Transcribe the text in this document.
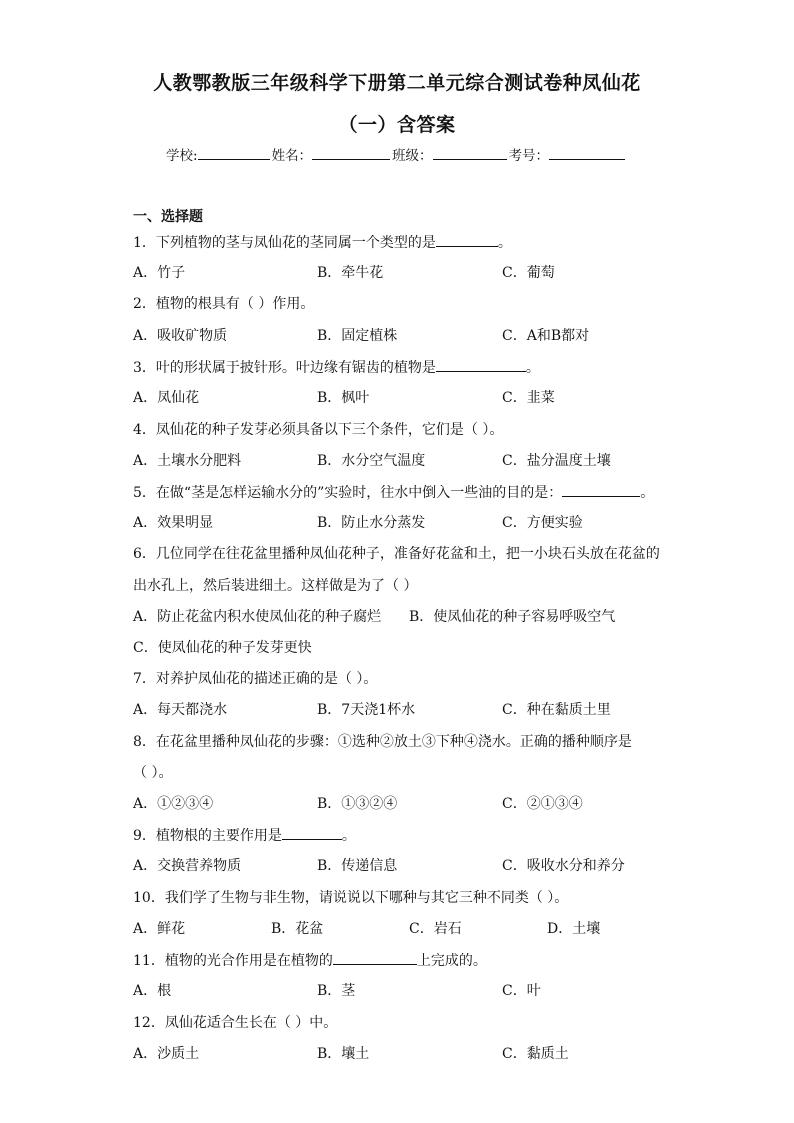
人教鄂教版三年级科学下册第二单元综合测试卷种凤仙花
（一）含答案
学校:	姓名：	班级：	考号：
一、选择题
1．下列植物的茎与凤仙花的茎同属一个类型的是	。
A．竹子	B．牵牛花	C．葡萄
2．植物的根具有（ ）作用。
A．吸收矿物质	B．固定植株	C．A和B都对
3．叶的形状属于披针形。叶边缘有锯齿的植物是	。
A．凤仙花	B．枫叶	C．韭菜
4．凤仙花的种子发芽必须具备以下三个条件，它们是（ ）。
A．土壤水分肥料	B．水分空气温度	C．盐分温度土壤
5．在做“茎是怎样运输水分的”实验时，往水中倒入一些油的目的是：	。
A．效果明显	B．防止水分蒸发	C．方便实验
6．几位同学在往花盆里播种凤仙花种子，准备好花盆和土，把一小块石头放在花盆的
出水孔上，然后装进细土。这样做是为了（ ）
A．防止花盆内积水使凤仙花的种子腐烂 B．使凤仙花的种子容易呼吸空气
C．使凤仙花的种子发芽更快
7．对养护凤仙花的描述正确的是（ ）。
A．每天都浇水	B．7天浇1杯水	C．种在黏质土里
8．在花盆里播种凤仙花的步骤：①选种②放土③下种④浇水。正确的播种顺序是
（ ）。
A．①②③④	B．①③②④	C．②①③④
9．植物根的主要作用是	。
A．交换营养物质	B．传递信息	C．吸收水分和养分
10．我们学了生物与非生物，请说说以下哪种与其它三种不同类（ ）。
A．鲜花	B．花盆	C．岩石	D．土壤
11．植物的光合作用是在植物的	上完成的。
A．根	B．茎	C．叶
12．凤仙花适合生长在（ ）中。
A．沙质土	B．壤土	C．黏质土
